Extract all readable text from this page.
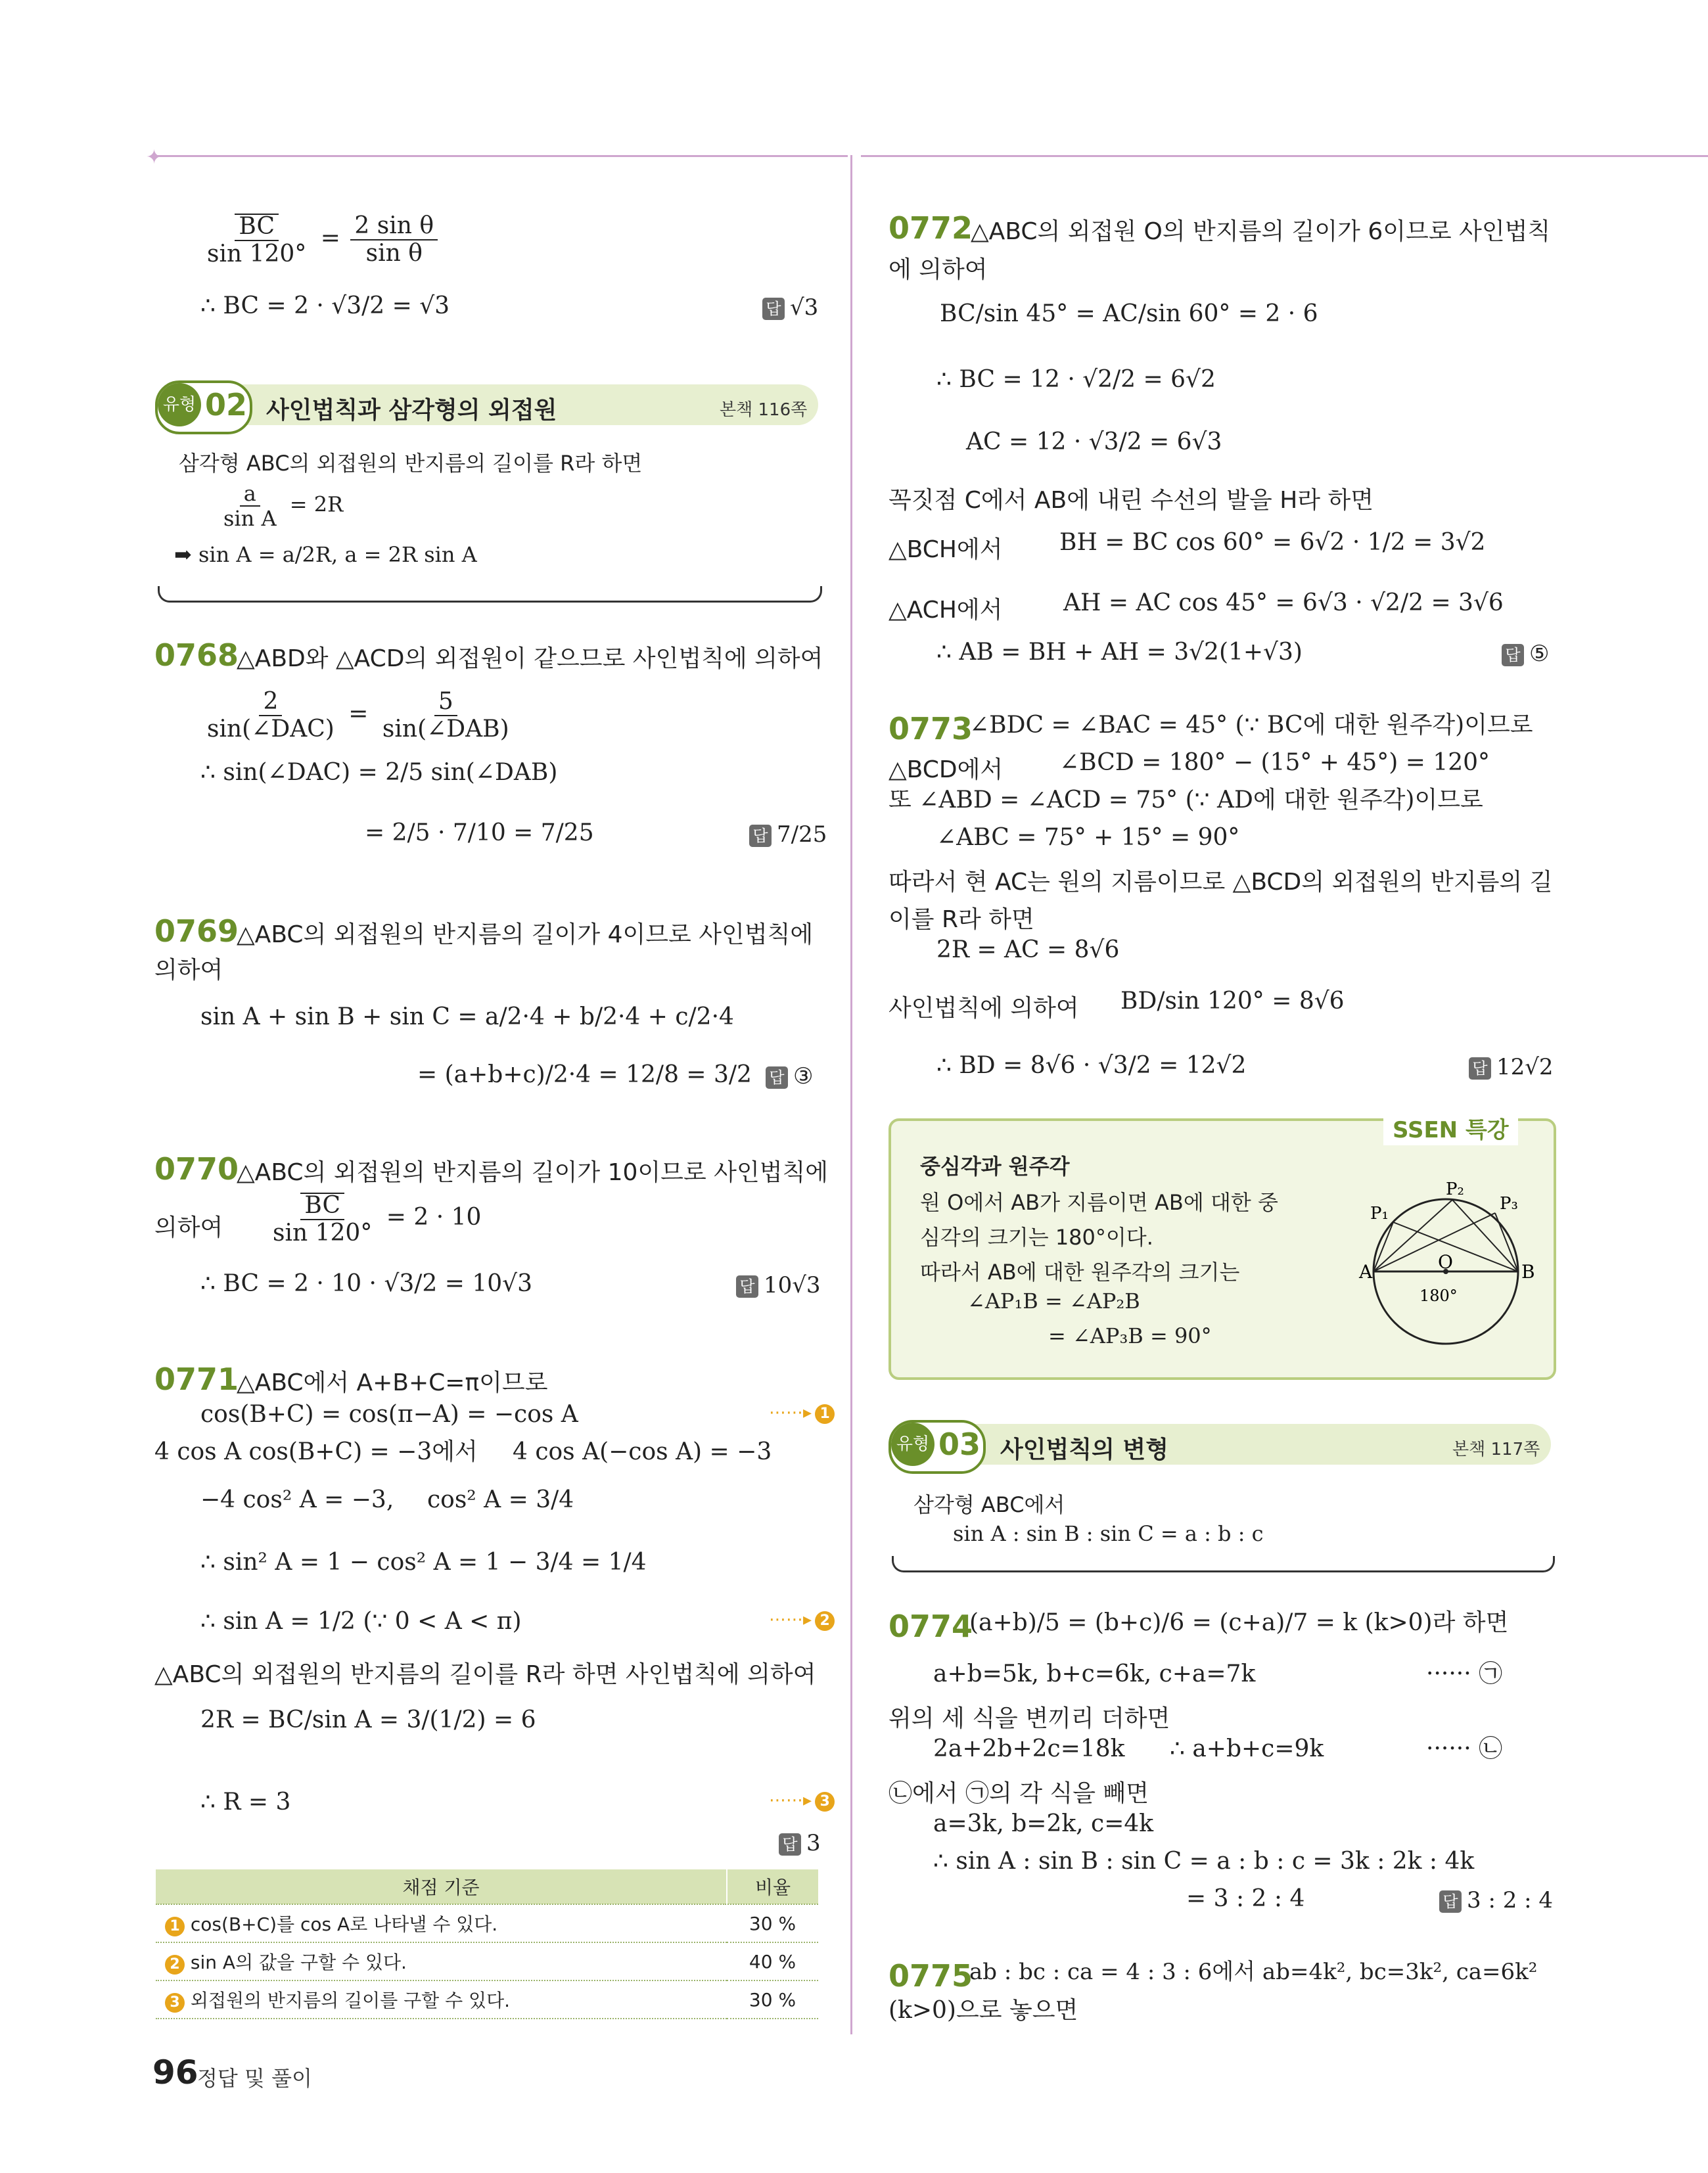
✦
$\frac{BC}{\sin 120^\circ} = \frac{\text{2 sin θ}}{\text{sin θ}}$
∴ BC = 2 · √3/2 = √3	답 √3
유형 02 사인법칙과 삼각형의 외접원	본책 116쪽
삼각형 ABC의 외접원의 반지름의 길이를 R라 하면
$\frac{a}{\text{sin A}} = 2R$
➡ sin A = a/2R, a = 2R sin A
0768
△ABD와 △ACD의 외접원이 같으므로 사인법칙에 의하여
$\frac{2}{\text{sin(∠DAC)}} = \frac{5}{\text{sin(∠DAB)}}$
∴ sin(∠DAC) = 2/5 sin(∠DAB)
= 2/5 · 7/10 = 7/25	답 7/25
0769
△ABC의 외접원의 반지름의 길이가 4이므로 사인법칙에
의하여
sin A + sin B + sin C = a/2·4 + b/2·4 + c/2·4
= (a+b+c)/2·4 = 12/8 = 3/2 답 ③
0770
△ABC의 외접원의 반지름의 길이가 10이므로 사인법칙에
의하여 $\frac{BC}{\sin 120^\circ} = 2 \cdot 10$
∴ BC = 2 · 10 · √3/2 = 10√3	답 10√3
0771
△ABC에서 A+B+C=π이므로
cos(B+C) = cos(π−A) = −cos A	⋯⋯▸ 1
4 cos A cos(B+C) = −3에서 4 cos A(−cos A) = −3
−4 cos² A = −3, cos² A = 3/4
∴ sin² A = 1 − cos² A = 1 − 3/4 = 1/4
∴ sin A = 1/2 (∵ 0 < A < π)	⋯⋯▸ 2
△ABC의 외접원의 반지름의 길이를 R라 하면 사인법칙에 의하여
2R = BC/sin A = 3/(1/2) = 6
∴ R = 3	⋯⋯▸ 3
답 3
채점 기준	비율
1 cos(B+C)를 cos A로 나타낼 수 있다.	30 %
2 sin A의 값을 구할 수 있다.	40 %
3 외접원의 반지름의 길이를 구할 수 있다.	30 %
96
정답 및 풀이
0772
△ABC의 외접원 O의 반지름의 길이가 6이므로 사인법칙
에 의하여
BC/sin 45° = AC/sin 60° = 2 · 6
∴ BC = 12 · √2/2 = 6√2
AC = 12 · √3/2 = 6√3
꼭짓점 C에서 AB에 내린 수선의 발을 H라 하면
△BCH에서 BH = BC cos 60° = 6√2 · 1/2 = 3√2
△ACH에서	AH = AC cos 45° = 6√3 · √2/2 = 3√6
∴ AB = BH + AH = 3√2(1+√3)	답 ⑤
0773
∠BDC = ∠BAC = 45° (∵ BC에 대한 원주각)이므로
△BCD에서 ∠BCD = 180° − (15° + 45°) = 120°
또 ∠ABD = ∠ACD = 75° (∵ AD에 대한 원주각)이므로
∠ABC = 75° + 15° = 90°
따라서 현 AC는 원의 지름이므로 △BCD의 외접원의 반지름의 길
이를 R라 하면
2R = AC = 8√6
사인법칙에 의하여 BD/sin 120° = 8√6
∴ BD = 8√6 · √3/2 = 12√2	답 12√2
SSEN 특강
중심각과 원주각
원 O에서 AB가 지름이면 AB에 대한 중
심각의 크기는 180°이다.
따라서 AB에 대한 원주각의 크기는
∠AP₁B = ∠AP₂B
= ∠AP₃B = 90°
A	B
O
P₁
P₂
P₃
180°
유형 03 사인법칙의 변형	본책 117쪽
삼각형 ABC에서
sin A : sin B : sin C = a : b : c
0774
(a+b)/5 = (b+c)/6 = (c+a)/7 = k (k>0)라 하면
a+b=5k, b+c=6k, c+a=7k	······ ㉠
위의 세 식을 변끼리 더하면
2a+2b+2c=18k ∴ a+b+c=9k	······ ㉡
㉡에서 ㉠의 각 식을 빼면
a=3k, b=2k, c=4k
∴ sin A : sin B : sin C = a : b : c = 3k : 2k : 4k
= 3 : 2 : 4	답 3 : 2 : 4
0775
ab : bc : ca = 4 : 3 : 6에서 ab=4k², bc=3k², ca=6k²
(k>0)으로 놓으면
